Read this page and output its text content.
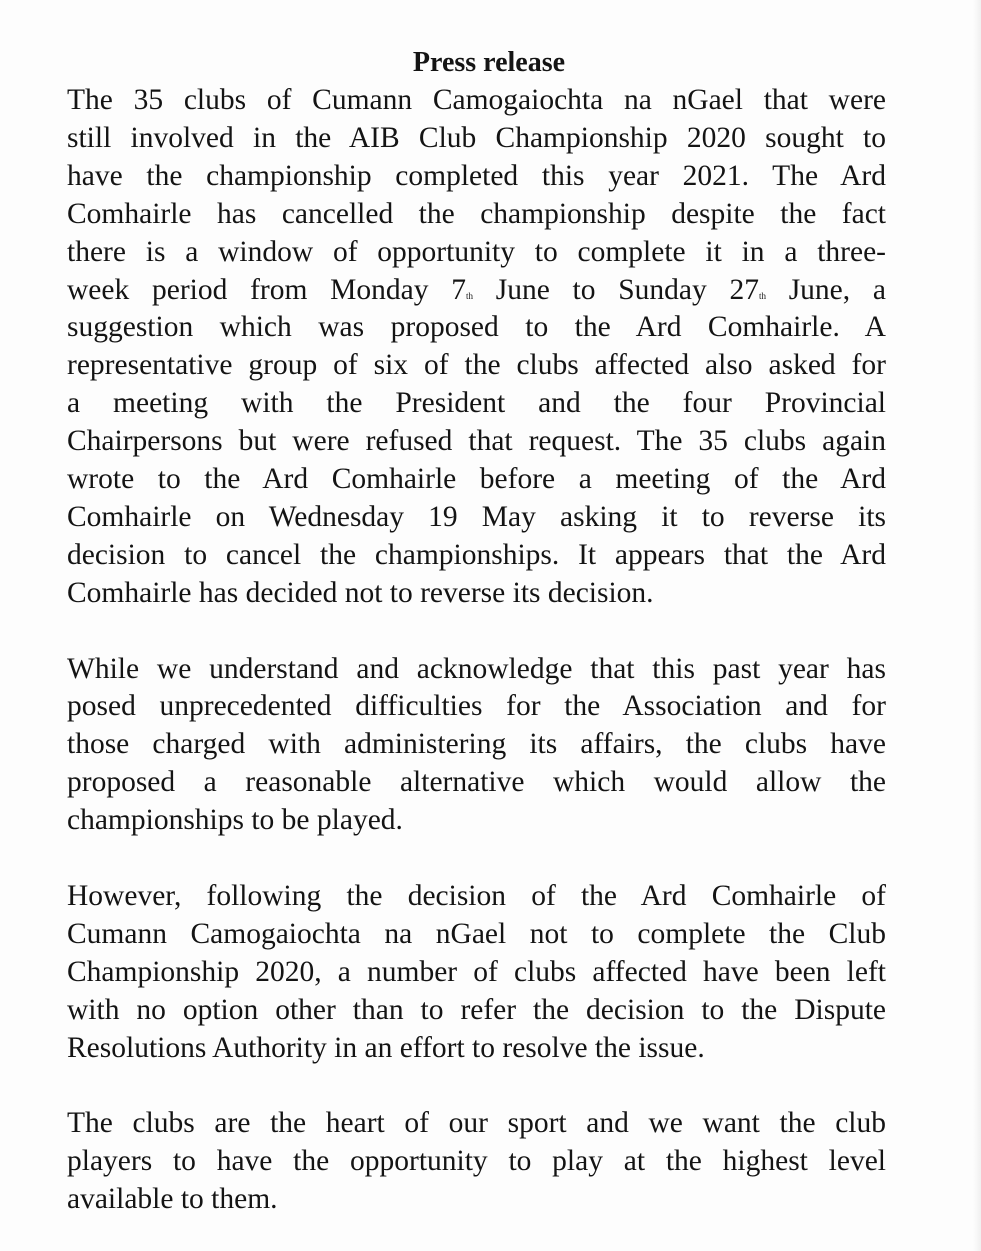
Press release

The 35 clubs of Cumann Camogaiochta na nGael that were
still involved in the AIB Club Championship 2020 sought to
have the championship completed this year 2021. The Ard
Comhairle has cancelled the championship despite the fact
there is a window of opportunity to complete it in a three-
week period from Monday 7th June to Sunday 27th June, a
suggestion which was proposed to the Ard Comhairle. A
representative group of six of the clubs affected also asked for
a meeting with the President and the four Provincial
Chairpersons but were refused that request. The 35 clubs again
wrote to the Ard Comhairle before a meeting of the Ard
Comhairle on Wednesday 19 May asking it to reverse its
decision to cancel the championships. It appears that the Ard
Comhairle has decided not to reverse its decision.

While we understand and acknowledge that this past year has
posed unprecedented difficulties for the Association and for
those charged with administering its affairs, the clubs have
proposed a reasonable alternative which would allow the
championships to be played.

However, following the decision of the Ard Comhairle of
Cumann Camogaiochta na nGael not to complete the Club
Championship 2020, a number of clubs affected have been left
with no option other than to refer the decision to the Dispute
Resolutions Authority in an effort to resolve the issue.

The clubs are the heart of our sport and we want the club
players to have the opportunity to play at the highest level
available to them.
